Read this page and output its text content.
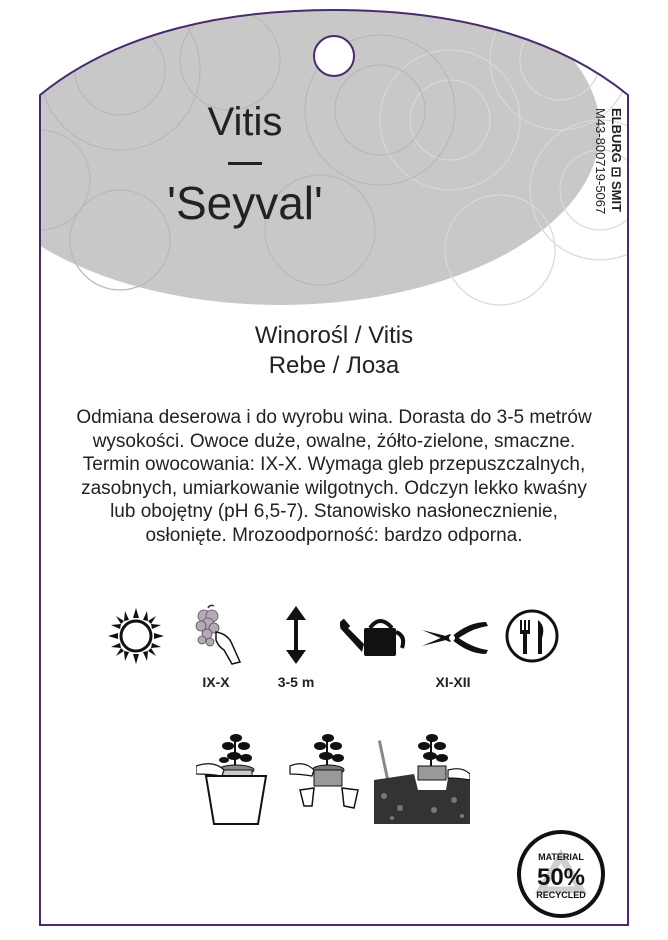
Vitis
'Seyval'	ELBURG ⊡ SMIT
M43-800719-5067
Winorośl / Vitis
Rebe / Лоза
Odmiana deserowa i do wyrobu wina. Dorasta do 3-5 metrów wysokości. Owoce duże, owalne, żółto-zielone, smaczne. Termin owocowania: IX-X. Wymaga gleb przepuszczalnych, zasobnych, umiarkowanie wilgotnych. Odczyn lekko kwaśny lub obojętny (pH 6,5-7). Stanowisko nasłonecznienie, osłonięte. Mrozoodporność: bardzo odporna.
IX-X	3-5 m	XI-XII
MATERIAL
50%
RECYCLED
